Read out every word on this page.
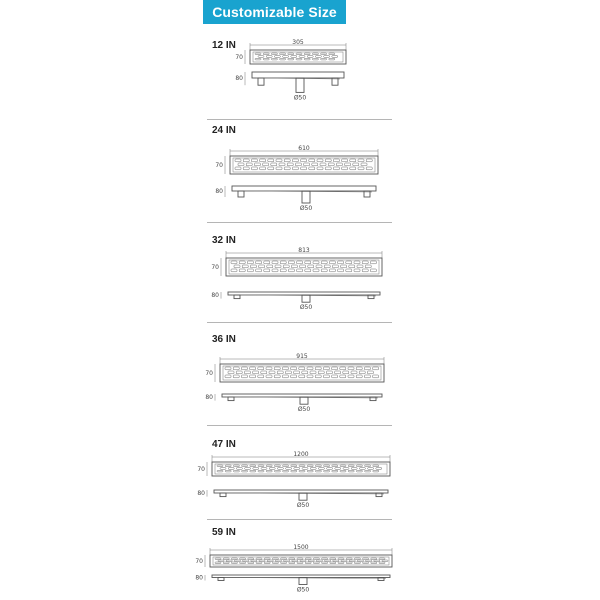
Customizable Size
12 IN	305
70
Ø50
80
24 IN
610
70
Ø50
80
32 IN
813
70
Ø50
80
36 IN
915
70
Ø50
80
47 IN
1200
70
Ø50
80
59 IN
1500
70
Ø50
80
